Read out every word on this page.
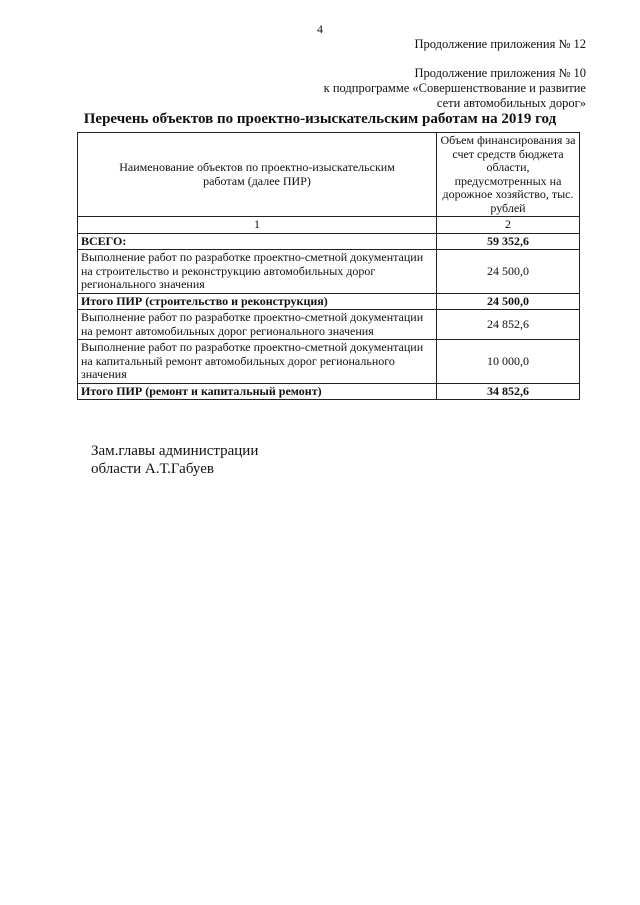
4
Продолжение приложения № 12
Продолжение приложения № 10
к подпрограмме «Совершенствование и развитие
сети автомобильных дорог»
Перечень объектов по проектно-изыскательским работам на 2019 год
Наименование объектов по проектно-изыскательским работам (далее ПИР)	Объем финансирования за счет средств бюджета области, предусмотренных на дорожное хозяйство, тыс. рублей
1	2
ВСЕГО:	59 352,6
Выполнение работ по разработке проектно-сметной документации на строительство и реконструкцию автомобильных дорог регионального значения	24 500,0
Итого ПИР (строительство и реконструкция)	24 500,0
Выполнение работ по разработке проектно-сметной документации на ремонт автомобильных дорог регионального значения	24 852,6
Выполнение работ по разработке проектно-сметной документации на капитальный ремонт автомобильных дорог регионального значения	10 000,0
Итого ПИР (ремонт и капитальный ремонт)	34 852,6
Зам.главы администрации
области А.Т.Габуев
